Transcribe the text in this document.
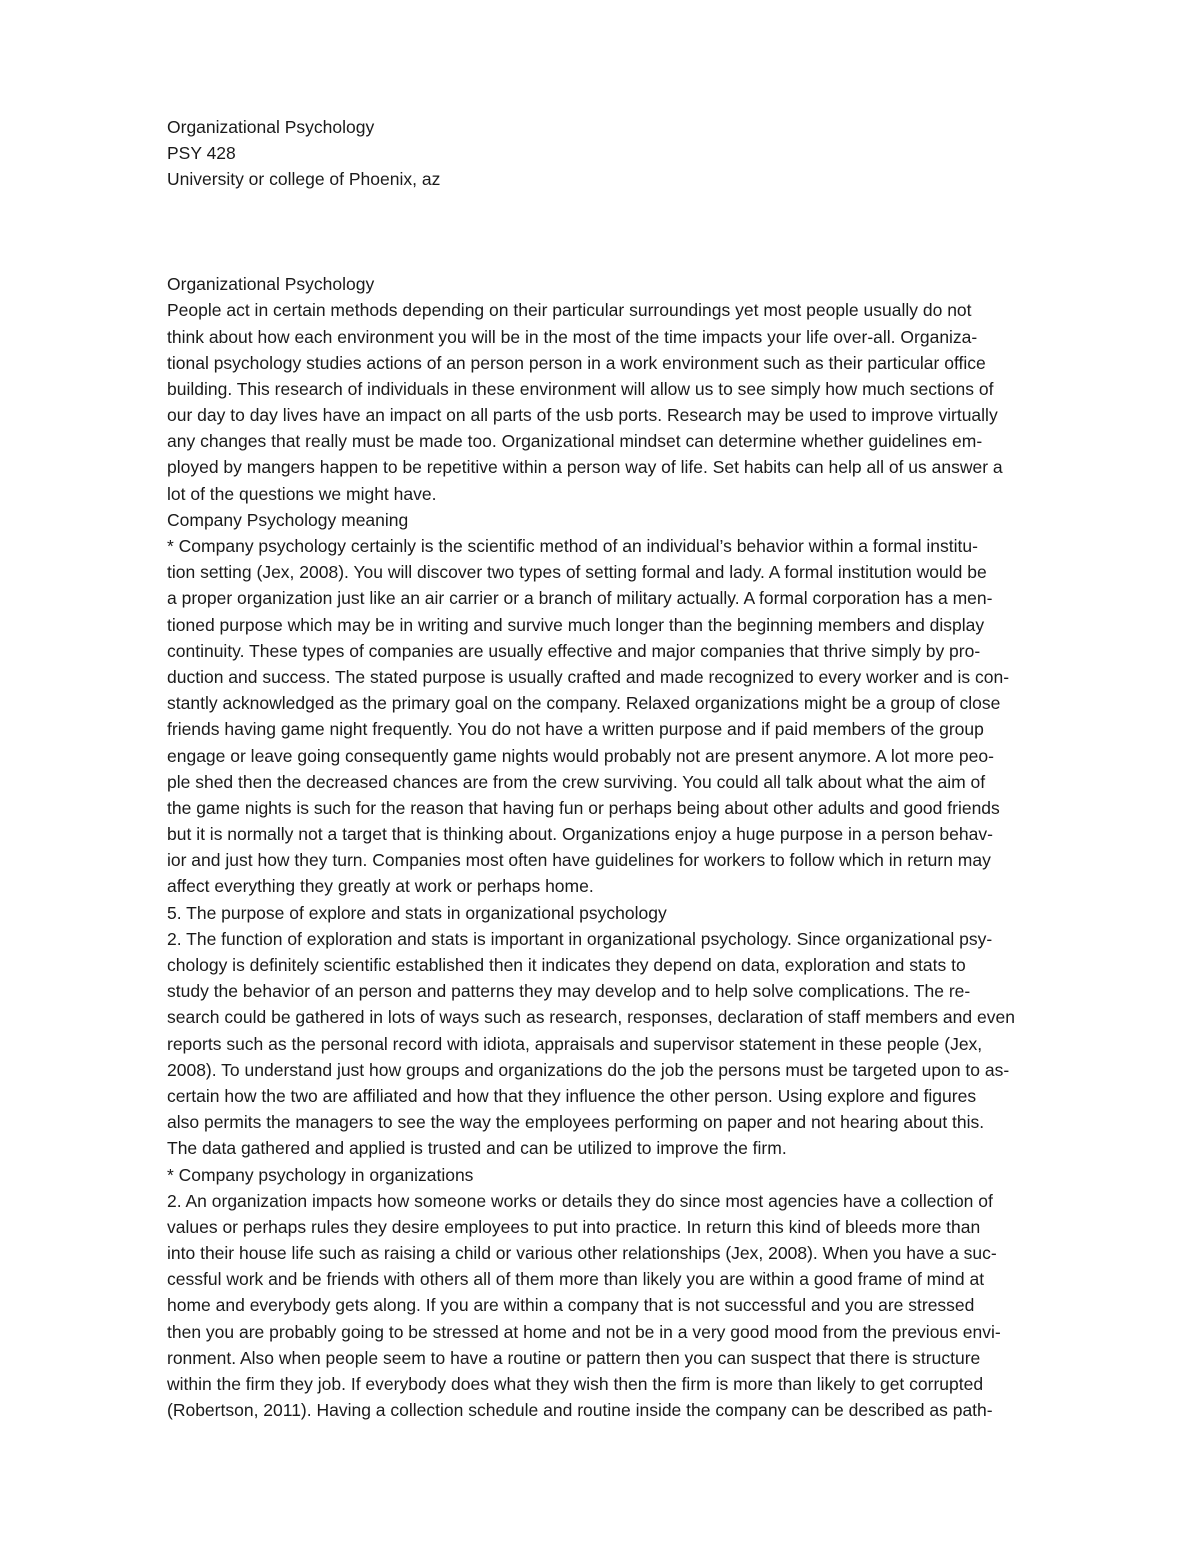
Organizational Psychology
PSY 428
University or college of Phoenix, az
Organizational Psychology
People act in certain methods depending on their particular surroundings yet most people usually do not
think about how each environment you will be in the most of the time impacts your life over-all. Organiza-
tional psychology studies actions of an person person in a work environment such as their particular office
building. This research of individuals in these environment will allow us to see simply how much sections of
our day to day lives have an impact on all parts of the usb ports. Research may be used to improve virtually
any changes that really must be made too. Organizational mindset can determine whether guidelines em-
ployed by mangers happen to be repetitive within a person way of life. Set habits can help all of us answer a
lot of the questions we might have.
Company Psychology meaning
* Company psychology certainly is the scientific method of an individual’s behavior within a formal institu-
tion setting (Jex, 2008). You will discover two types of setting formal and lady. A formal institution would be
a proper organization just like an air carrier or a branch of military actually. A formal corporation has a men-
tioned purpose which may be in writing and survive much longer than the beginning members and display
continuity. These types of companies are usually effective and major companies that thrive simply by pro-
duction and success. The stated purpose is usually crafted and made recognized to every worker and is con-
stantly acknowledged as the primary goal on the company. Relaxed organizations might be a group of close
friends having game night frequently. You do not have a written purpose and if paid members of the group
engage or leave going consequently game nights would probably not are present anymore. A lot more peo-
ple shed then the decreased chances are from the crew surviving. You could all talk about what the aim of
the game nights is such for the reason that having fun or perhaps being about other adults and good friends
but it is normally not a target that is thinking about. Organizations enjoy a huge purpose in a person behav-
ior and just how they turn. Companies most often have guidelines for workers to follow which in return may
affect everything they greatly at work or perhaps home.
5. The purpose of explore and stats in organizational psychology
2. The function of exploration and stats is important in organizational psychology. Since organizational psy-
chology is definitely scientific established then it indicates they depend on data, exploration and stats to
study the behavior of an person and patterns they may develop and to help solve complications. The re-
search could be gathered in lots of ways such as research, responses, declaration of staff members and even
reports such as the personal record with idiota, appraisals and supervisor statement in these people (Jex,
2008). To understand just how groups and organizations do the job the persons must be targeted upon to as-
certain how the two are affiliated and how that they influence the other person. Using explore and figures
also permits the managers to see the way the employees performing on paper and not hearing about this.
The data gathered and applied is trusted and can be utilized to improve the firm.
* Company psychology in organizations
2. An organization impacts how someone works or details they do since most agencies have a collection of
values or perhaps rules they desire employees to put into practice. In return this kind of bleeds more than
into their house life such as raising a child or various other relationships (Jex, 2008). When you have a suc-
cessful work and be friends with others all of them more than likely you are within a good frame of mind at
home and everybody gets along. If you are within a company that is not successful and you are stressed
then you are probably going to be stressed at home and not be in a very good mood from the previous envi-
ronment. Also when people seem to have a routine or pattern then you can suspect that there is structure
within the firm they job. If everybody does what they wish then the firm is more than likely to get corrupted
(Robertson, 2011). Having a collection schedule and routine inside the company can be described as path-
